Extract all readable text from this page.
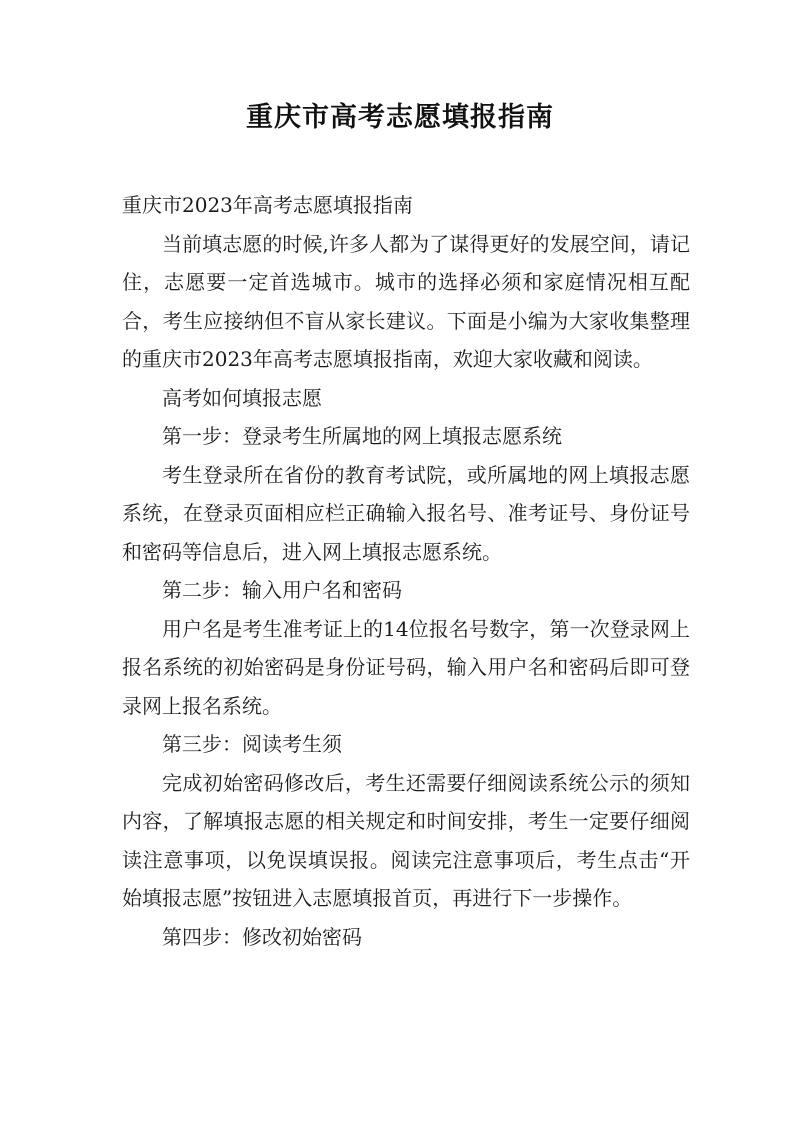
重庆市高考志愿填报指南

重庆市2023年高考志愿填报指南

当前填志愿的时候,许多人都为了谋得更好的发展空间，请记住，志愿要一定首选城市。城市的选择必须和家庭情况相互配合，考生应接纳但不盲从家长建议。下面是小编为大家收集整理的重庆市2023年高考志愿填报指南，欢迎大家收藏和阅读。

高考如何填报志愿

第一步：登录考生所属地的网上填报志愿系统

考生登录所在省份的教育考试院，或所属地的网上填报志愿系统，在登录页面相应栏正确输入报名号、准考证号、身份证号和密码等信息后，进入网上填报志愿系统。

第二步：输入用户名和密码

用户名是考生准考证上的14位报名号数字，第一次登录网上报名系统的初始密码是身份证号码，输入用户名和密码后即可登录网上报名系统。

第三步：阅读考生须

完成初始密码修改后，考生还需要仔细阅读系统公示的须知内容，了解填报志愿的相关规定和时间安排，考生一定要仔细阅读注意事项，以免误填误报。阅读完注意事项后，考生点击“开始填报志愿”按钮进入志愿填报首页，再进行下一步操作。

第四步：修改初始密码
